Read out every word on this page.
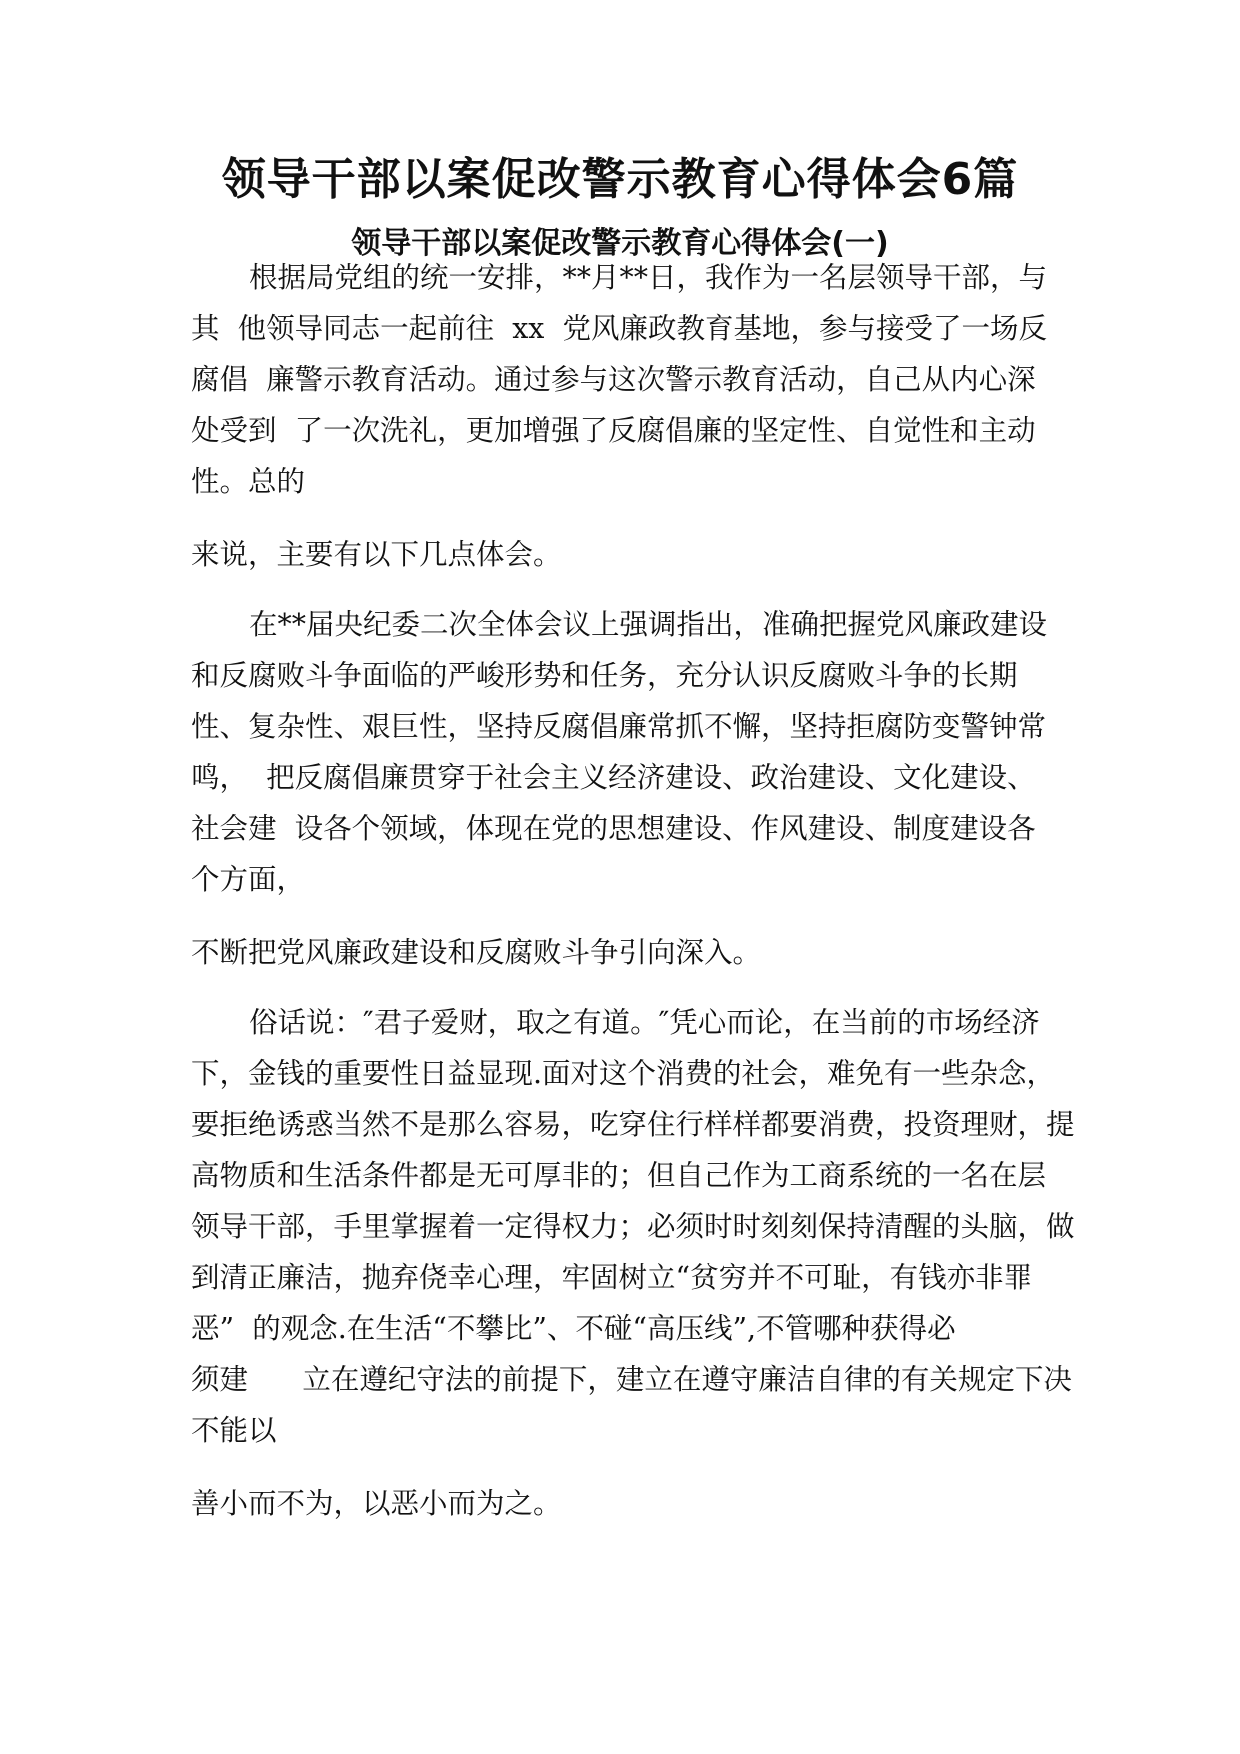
领导干部以案促改警示教育心得体会6篇
领导干部以案促改警示教育心得体会(一)

根据局党组的统一安排，**月**日，我作为一名层领导干部，与

其  他领导同志一起前往  xx  党风廉政教育基地，参与接受了一场反

腐倡  廉警示教育活动。通过参与这次警示教育活动，自己从内心深

处受到  了一次洗礼，更加增强了反腐倡廉的坚定性、自觉性和主动

性。总的

来说，主要有以下几点体会。

在**届央纪委二次全体会议上强调指出，准确把握党风廉政建设

和反腐败斗争面临的严峻形势和任务，充分认识反腐败斗争的长期

性、复杂性、艰巨性，坚持反腐倡廉常抓不懈，坚持拒腐防变警钟常

鸣，  把反腐倡廉贯穿于社会主义经济建设、政治建设、文化建设、

社会建  设各个领域，体现在党的思想建设、作风建设、制度建设各

个方面，

不断把党风廉政建设和反腐败斗争引向深入。

俗话说：″君子爱财，取之有道。″凭心而论，在当前的市场经济

下，金钱的重要性日益显现.面对这个消费的社会，难免有一些杂念，

要拒绝诱惑当然不是那么容易，吃穿住行样样都要消费，投资理财，提

高物质和生活条件都是无可厚非的；但自己作为工商系统的一名在层

领导干部，手里掌握着一定得权力；必须时时刻刻保持清醒的头脑，做

到清正廉洁，抛弃侥幸心理，牢固树立“贫穷并不可耻，有钱亦非罪

恶”  的观念.在生活“不攀比”、不碰“高压线”,不管哪种获得必

须建      立在遵纪守法的前提下，建立在遵守廉洁自律的有关规定下决

不能以

善小而不为，以恶小而为之。
